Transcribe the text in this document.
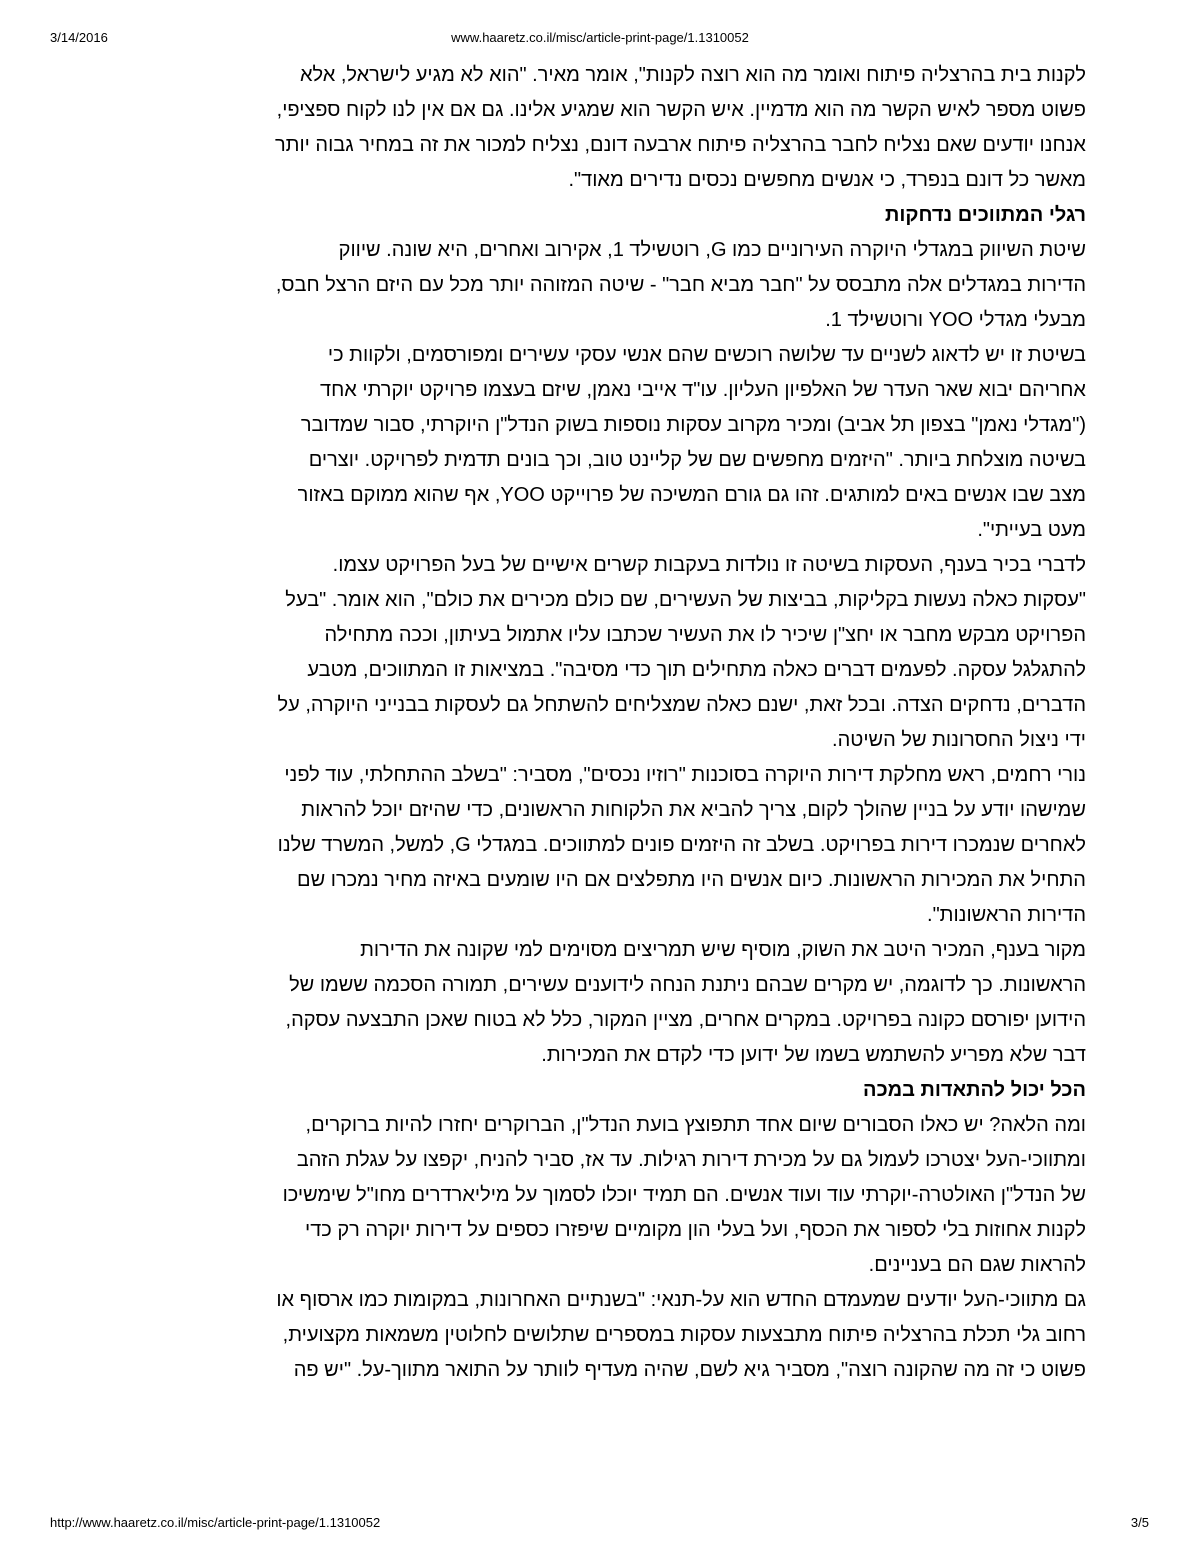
3/14/2016	www.haaretz.co.il/misc/article-print-page/1.1310052

לקנות בית בהרצליה פיתוח ואומר מה הוא רוצה לקנות", אומר מאיר. "הוא לא מגיע לישראל, אלא

פשוט מספר לאיש הקשר מה הוא מדמיין. איש הקשר הוא שמגיע אלינו. גם אם אין לנו לקוח ספציפי,

אנחנו יודעים שאם נצליח לחבר בהרצליה פיתוח ארבעה דונם, נצליח למכור את זה במחיר גבוה יותר

מאשר כל דונם בנפרד, כי אנשים מחפשים נכסים נדירים מאוד".

רגלי המתווכים נדחקות

שיטת השיווק במגדלי היוקרה העירוניים כמו G, רוטשילד 1, אקירוב ואחרים, היא שונה. שיווק

הדירות במגדלים אלה מתבסס על "חבר מביא חבר" - שיטה המזוהה יותר מכל עם היזם הרצל חבס,

מבעלי מגדלי YOO ורוטשילד 1.

בשיטת זו יש לדאוג לשניים עד שלושה רוכשים שהם אנשי עסקי עשירים ומפורסמים, ולקוות כי

אחריהם יבוא שאר העדר של האלפיון העליון. עו"ד אייבי נאמן, שיזם בעצמו פרויקט יוקרתי אחד

("מגדלי נאמן" בצפון תל אביב) ומכיר מקרוב עסקות נוספות בשוק הנדל"ן היוקרתי, סבור שמדובר

בשיטה מוצלחת ביותר. "היזמים מחפשים שם של קליינט טוב, וכך בונים תדמית לפרויקט. יוצרים

מצב שבו אנשים באים למותגים. זהו גם גורם המשיכה של פרוייקט YOO, אף שהוא ממוקם באזור

מעט בעייתי".

לדברי בכיר בענף, העסקות בשיטה זו נולדות בעקבות קשרים אישיים של בעל הפרויקט עצמו.

"עסקות כאלה נעשות בקליקות, בביצות של העשירים, שם כולם מכירים את כולם", הוא אומר. "בעל

הפרויקט מבקש מחבר או יחצ"ן שיכיר לו את העשיר שכתבו עליו אתמול בעיתון, וככה מתחילה

להתגלגל עסקה. לפעמים דברים כאלה מתחילים תוך כדי מסיבה". במציאות זו המתווכים, מטבע

הדברים, נדחקים הצדה. ובכל זאת, ישנם כאלה שמצליחים להשתחל גם לעסקות בבנייני היוקרה, על

ידי ניצול החסרונות של השיטה.

נורי רחמים, ראש מחלקת דירות היוקרה בסוכנות "רוזיו נכסים", מסביר: "בשלב ההתחלתי, עוד לפני

שמישהו יודע על בניין שהולך לקום, צריך להביא את הלקוחות הראשונים, כדי שהיזם יוכל להראות

לאחרים שנמכרו דירות בפרויקט. בשלב זה היזמים פונים למתווכים. במגדלי G, למשל, המשרד שלנו

התחיל את המכירות הראשונות. כיום אנשים היו מתפלצים אם היו שומעים באיזה מחיר נמכרו שם

הדירות הראשונות".

מקור בענף, המכיר היטב את השוק, מוסיף שיש תמריצים מסוימים למי שקונה את הדירות

הראשונות. כך לדוגמה, יש מקרים שבהם ניתנת הנחה לידוענים עשירים, תמורה הסכמה ששמו של

הידוען יפורסם כקונה בפרויקט. במקרים אחרים, מציין המקור, כלל לא בטוח שאכן התבצעה עסקה,

דבר שלא מפריע להשתמש בשמו של ידוען כדי לקדם את המכירות.

הכל יכול להתאדות במכה

ומה הלאה? יש כאלו הסבורים שיום אחד תתפוצץ בועת הנדל"ן, הברוקרים יחזרו להיות ברוקרים,

ומתווכי-העל יצטרכו לעמול גם על מכירת דירות רגילות. עד אז, סביר להניח, יקפצו על עגלת הזהב

של הנדל"ן האולטרה-יוקרתי עוד ועוד אנשים. הם תמיד יוכלו לסמוך על מיליארדרים מחו"ל שימשיכו

לקנות אחוזות בלי לספור את הכסף, ועל בעלי הון מקומיים שיפזרו כספים על דירות יוקרה רק כדי

להראות שגם הם בעניינים.

גם מתווכי-העל יודעים שמעמדם החדש הוא על-תנאי: "בשנתיים האחרונות, במקומות כמו ארסוף או

רחוב גלי תכלת בהרצליה פיתוח מתבצעות עסקות במספרים שתלושים לחלוטין משמאות מקצועית,

פשוט כי זה מה שהקונה רוצה", מסביר גיא לשם, שהיה מעדיף לוותר על התואר מתווך-על. "יש פה

http://www.haaretz.co.il/misc/article-print-page/1.1310052	3/5
